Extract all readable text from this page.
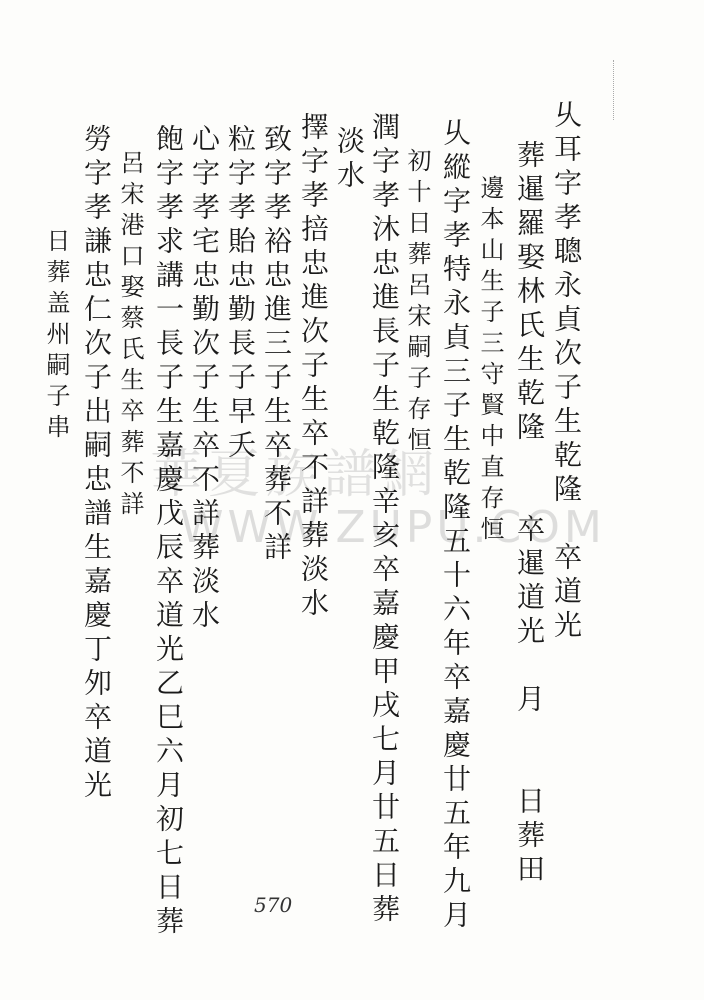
華夏族譜網
WWW.ZUPU.COM
乆耳字孝聰永貞次子生乾隆　卒道光
葬暹羅娶林氏生乾隆　　卒暹道光　月　　日葬田
邊本山生子三守賢中直存恒
乆縱字孝特永貞三子生乾隆五十六年卒嘉慶廿五年九月
初十日葬呂宋嗣子存恒
潤字孝沐忠進長子生乾隆辛亥卒嘉慶甲戌七月廿五日葬
淡水
擇字孝掊忠進次子生卒不詳葬淡水
致字孝裕忠進三子生卒葬不詳
粒字孝貽忠勤長子早夭
心字孝宅忠勤次子生卒不詳葬淡水
飽字孝求講一長子生嘉慶戊辰卒道光乙巳六月初七日葬
呂宋港口娶蔡氏生卒葬不詳
勞字孝謙忠仁次子出嗣忠譜生嘉慶丁夘卒道光
日葬盖州嗣子串
570
